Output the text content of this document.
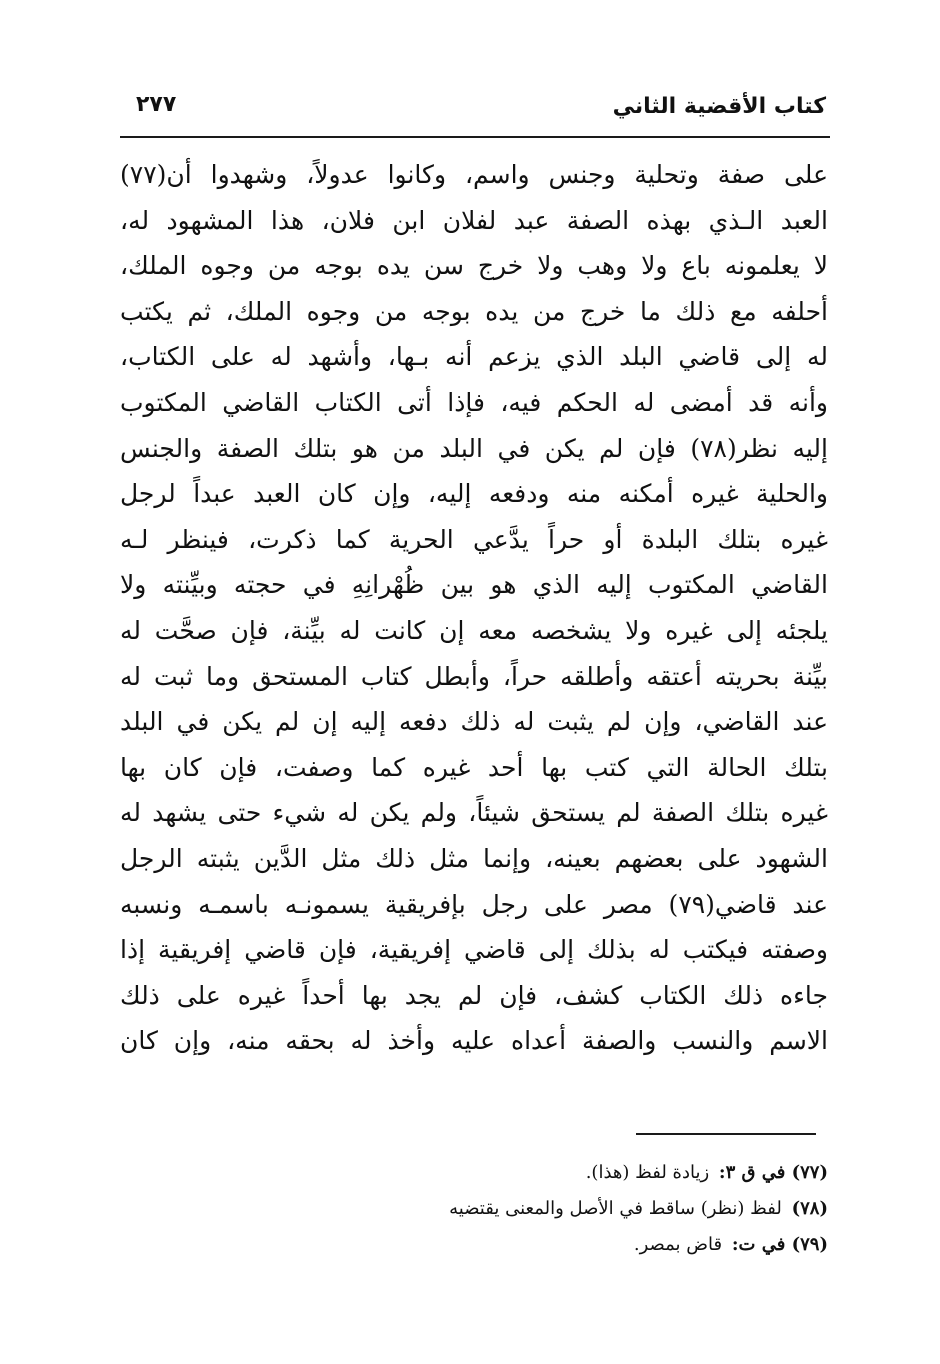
كتاب الأقضية الثاني
٢٧٧
على صفة وتحلية وجنس واسم، وكانوا عدولاً، وشهدوا أن(٧٧)
العبد الـذي بهذه الصفة عبد لفلان ابن فلان، هذا المشهود له،
لا يعلمونه باع ولا وهب ولا خرج سن يده بوجه من وجوه الملك،
أحلفه مع ذلك ما خرج من يده بوجه من وجوه الملك، ثم يكتب
له إلى قاضي البلد الذي يزعم أنه بـها، وأشهد له على الكتاب،
وأنه قد أمضى له الحكم فيه، فإذا أتى الكتاب القاضي المكتوب
إليه نظر(٧٨) فإن لم يكن في البلد من هو بتلك الصفة والجنس
والحلية غيره أمكنه منه ودفعه إليه، وإن كان العبد عبداً لرجل
غيره بتلك البلدة أو حراً يدَّعي الحرية كما ذكرت، فينظر لـه
القاضي المكتوب إليه الذي هو بين ظُهْرانِهِ في حجته وبيِّنته ولا
يلجئه إلى غيره ولا يشخصه معه إن كانت له بيِّنة، فإن صحَّت له
بيِّنة بحريته أعتقه وأطلقه حراً، وأبطل كتاب المستحق وما ثبت له
عند القاضي، وإن لم يثبت له ذلك دفعه إليه إن لم يكن في البلد
بتلك الحالة التي كتب بها أحد غيره كما وصفت، فإن كان بها
غيره بتلك الصفة لم يستحق شيئاً، ولم يكن له شيء حتى يشهد له
الشهود على بعضهم بعينه، وإنما مثل ذلك مثل الدَّين يثبته الرجل
عند قاضي(٧٩) مصر على رجل بإفريقية يسمونـه باسمـه ونسبه
وصفته فيكتب له بذلك إلى قاضي إفريقية، فإن قاضي إفريقية إذا
جاءه ذلك الكتاب كشف، فإن لم يجد بها أحداً غيره على ذلك
الاسم والنسب والصفة أعداه عليه وأخذ له بحقه منه، وإن كان
(٧٧) في ق ٣: زيادة لفظ (هذا).
(٧٨) لفظ (نظر) ساقط في الأصل والمعنى يقتضيه
(٧٩) في ت: قاض بمصر.
